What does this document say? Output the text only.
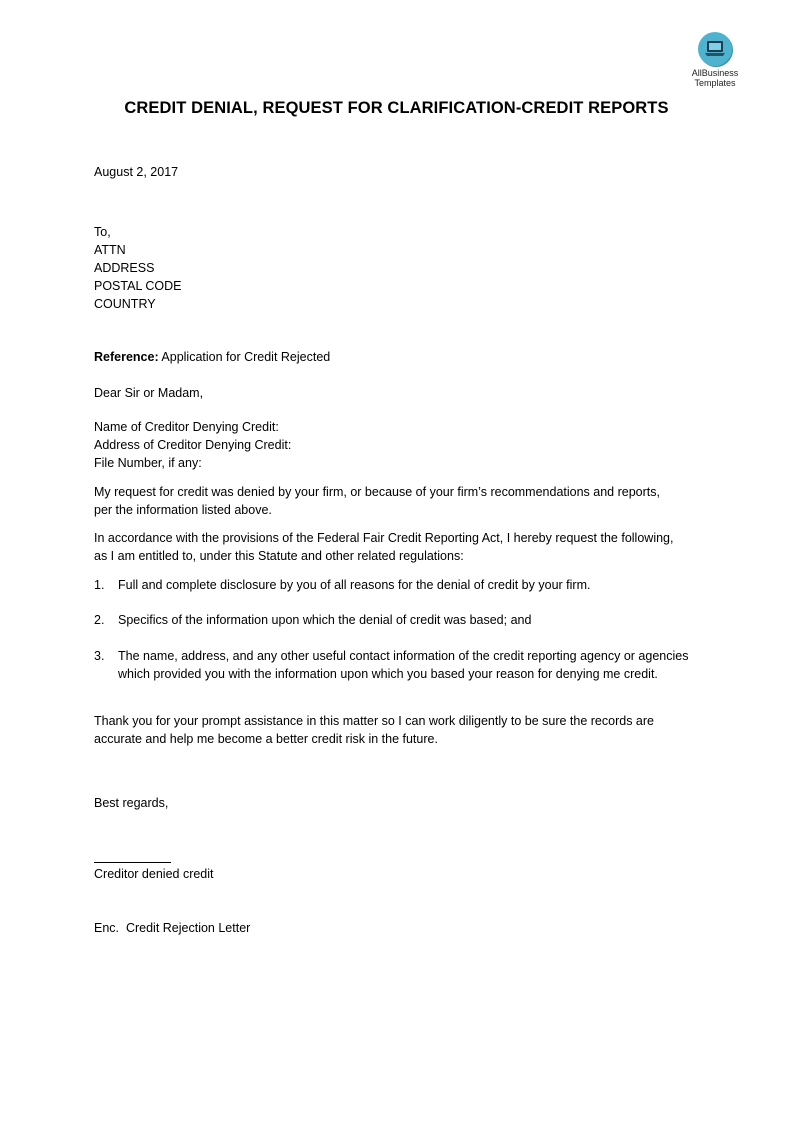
AllBusiness
Templates
CREDIT DENIAL, REQUEST FOR CLARIFICATION-CREDIT REPORTS
August 2, 2017
To,
ATTN
ADDRESS
POSTAL CODE
COUNTRY
Reference: Application for Credit Rejected
Dear Sir or Madam,
Name of Creditor Denying Credit:
Address of Creditor Denying Credit:
File Number, if any:
My request for credit was denied by your firm, or because of your firm’s recommendations and reports, per the information listed above.
In accordance with the provisions of the Federal Fair Credit Reporting Act, I hereby request the following, as I am entitled to, under this Statute and other related regulations:
1. Full and complete disclosure by you of all reasons for the denial of credit by your firm.
2. Specifics of the information upon which the denial of credit was based; and
3. The name, address, and any other useful contact information of the credit reporting agency or agencies which provided you with the information upon which you based your reason for denying me credit.
Thank you for your prompt assistance in this matter so I can work diligently to be sure the records are accurate and help me become a better credit risk in the future.
Best regards,
Creditor denied credit
Enc.  Credit Rejection Letter
